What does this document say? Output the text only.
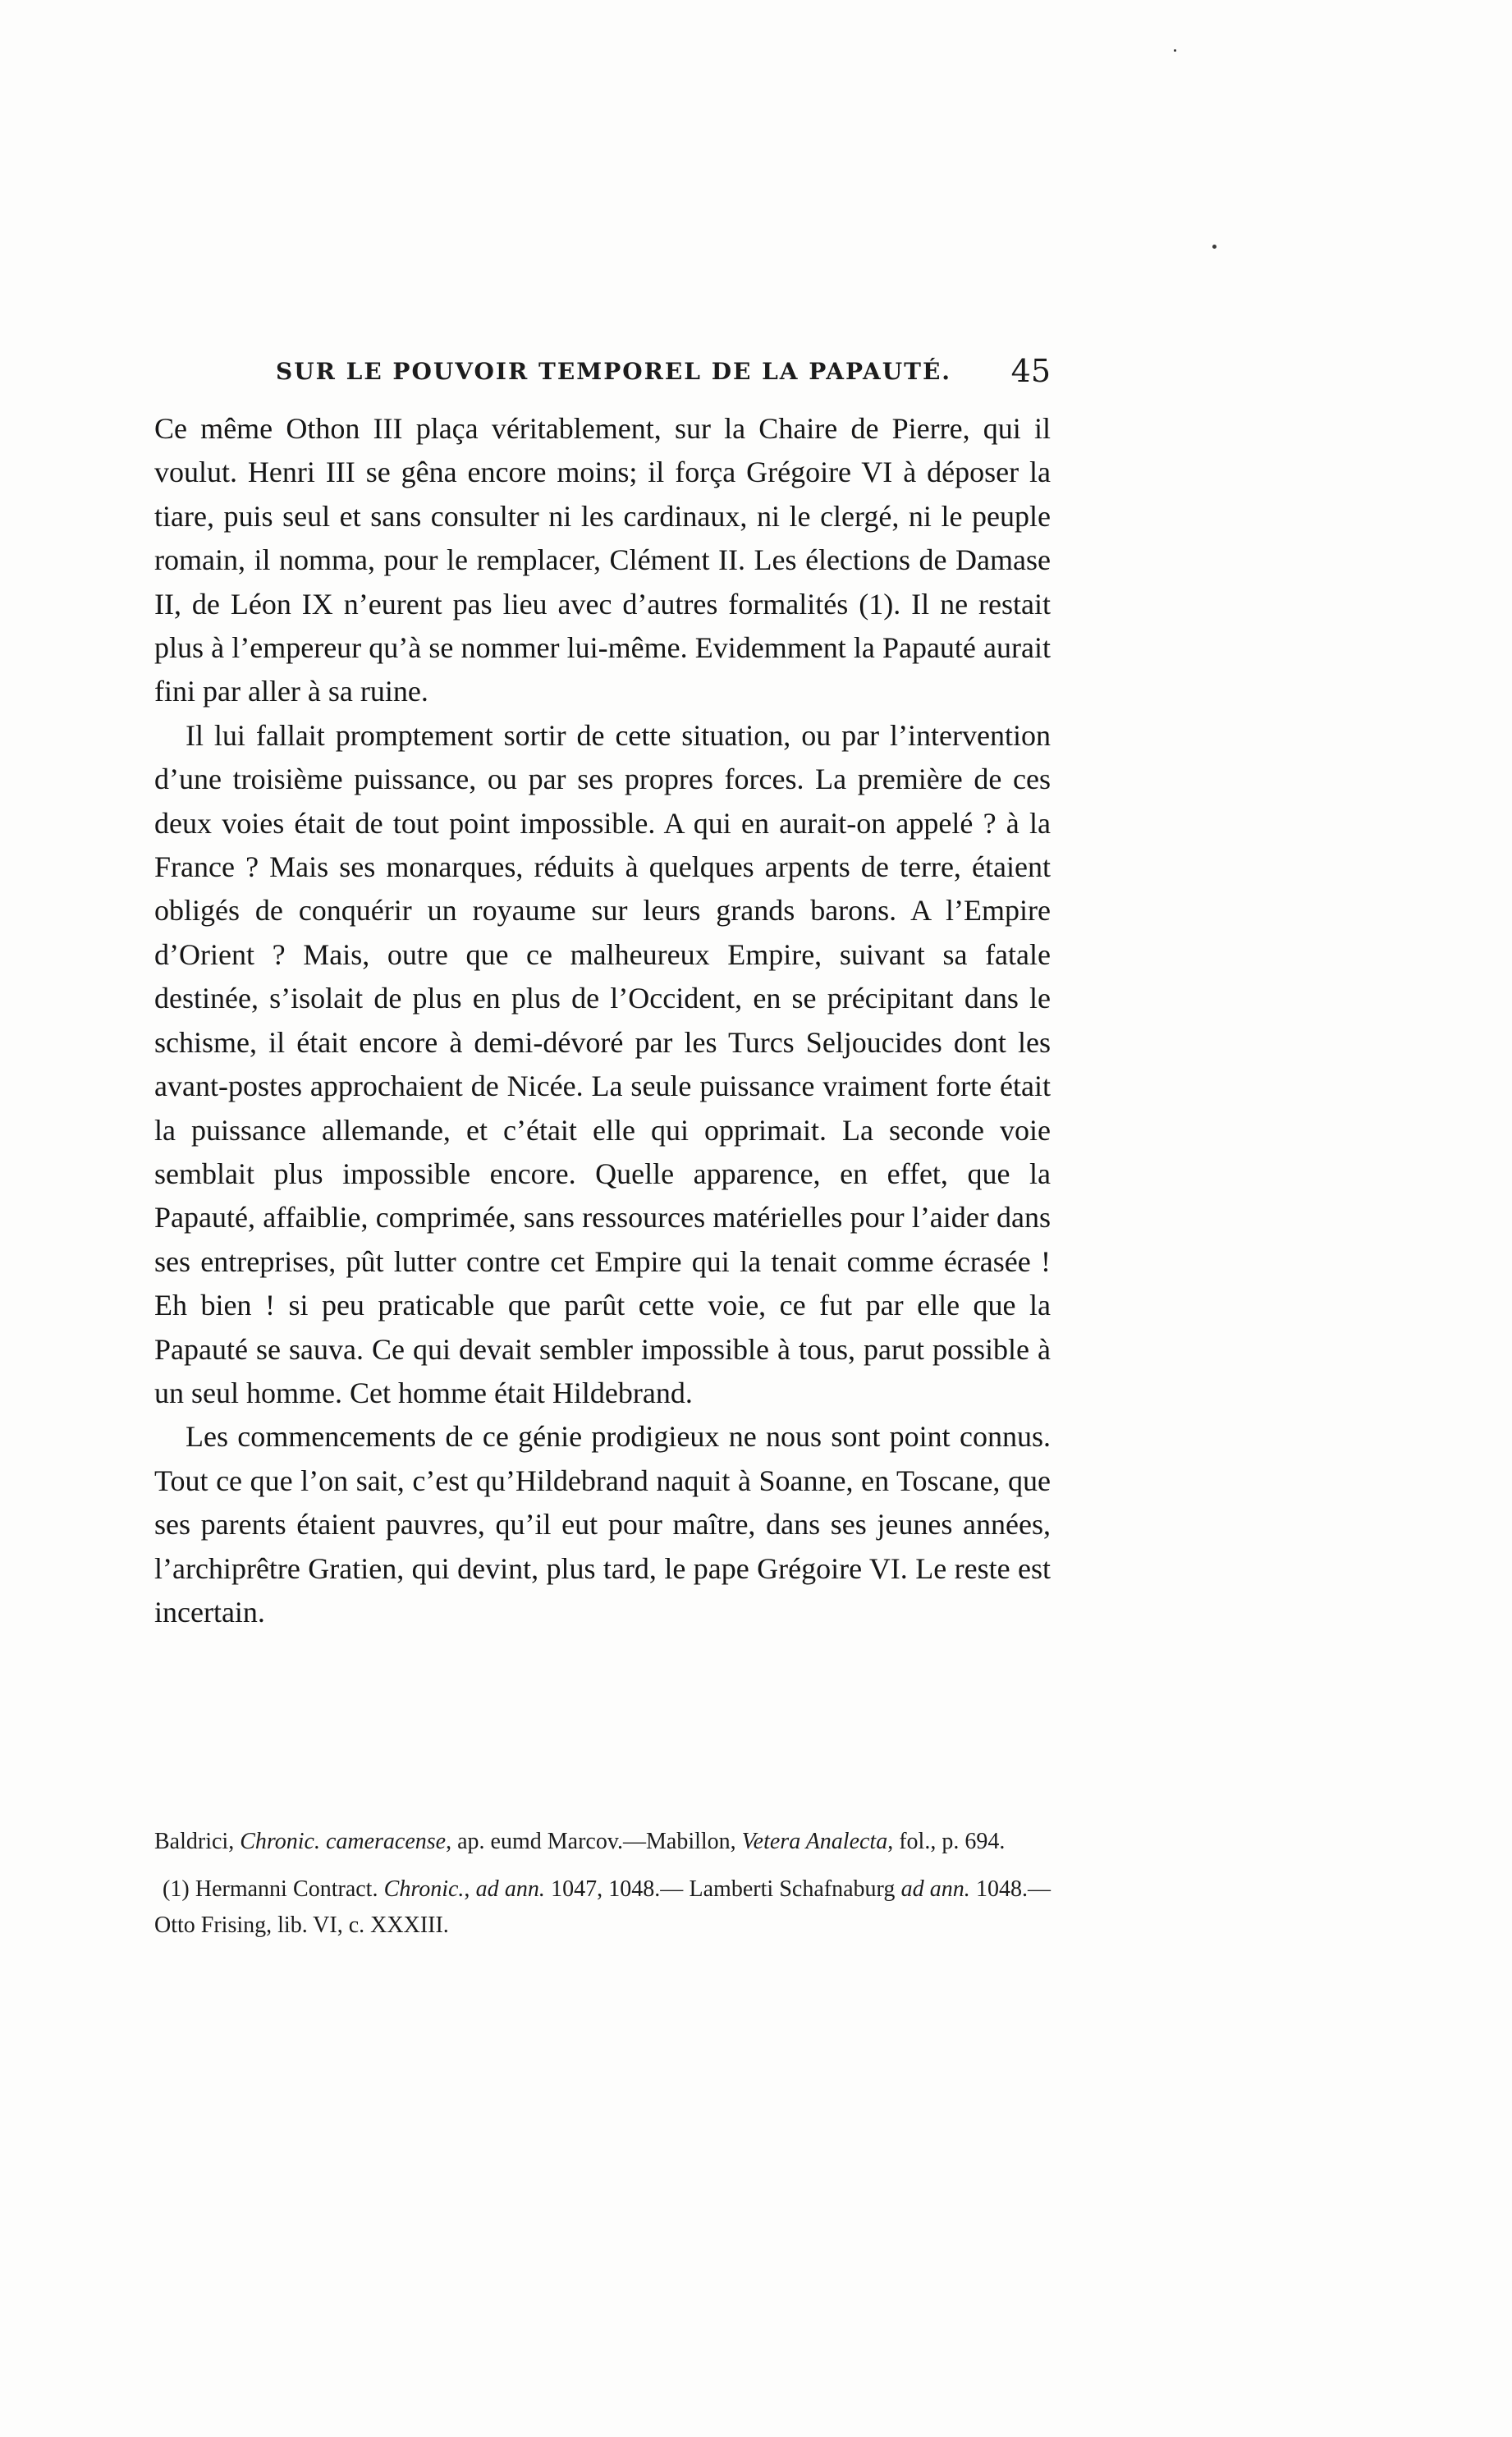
SUR LE POUVOIR TEMPOREL DE LA PAPAUTÉ. 45

Ce même Othon III plaça véritablement, sur la Chaire de Pierre, qui il voulut. Henri III se gêna encore moins; il força Grégoire VI à déposer la tiare, puis seul et sans consulter ni les cardinaux, ni le clergé, ni le peuple romain, il nomma, pour le remplacer, Clément II. Les élections de Damase II, de Léon IX n’eurent pas lieu avec d’autres formalités (1). Il ne restait plus à l’empereur qu’à se nommer lui-même. Evidemment la Papauté aurait fini par aller à sa ruine.

Il lui fallait promptement sortir de cette situation, ou par l’intervention d’une troisième puissance, ou par ses propres forces. La première de ces deux voies était de tout point impossible. A qui en aurait-on appelé ? à la France ? Mais ses monarques, réduits à quelques arpents de terre, étaient obligés de conquérir un royaume sur leurs grands barons. A l’Empire d’Orient ? Mais, outre que ce malheureux Empire, suivant sa fatale destinée, s’isolait de plus en plus de l’Occident, en se précipitant dans le schisme, il était encore à demi-dévoré par les Turcs Seljoucides dont les avant-postes approchaient de Nicée. La seule puissance vraiment forte était la puissance allemande, et c’était elle qui opprimait. La seconde voie semblait plus impossible encore. Quelle apparence, en effet, que la Papauté, affaiblie, comprimée, sans ressources matérielles pour l’aider dans ses entreprises, pût lutter contre cet Empire qui la tenait comme écrasée ! Eh bien ! si peu praticable que parût cette voie, ce fut par elle que la Papauté se sauva. Ce qui devait sembler impossible à tous, parut possible à un seul homme. Cet homme était Hildebrand.

Les commencements de ce génie prodigieux ne nous sont point connus. Tout ce que l’on sait, c’est qu’Hildebrand naquit à Soanne, en Toscane, que ses parents étaient pauvres, qu’il eut pour maître, dans ses jeunes années, l’archiprêtre Gratien, qui devint, plus tard, le pape Grégoire VI. Le reste est incertain.

Baldrici, Chronic. cameracense, ap. eumd Marcov.—Mabillon, Vetera Analecta, fol., p. 694.

(1) Hermanni Contract. Chronic., ad ann. 1047, 1048.— Lamberti Schafnaburg ad ann. 1048.— Otto Frising, lib. VI, c. XXXIII.
